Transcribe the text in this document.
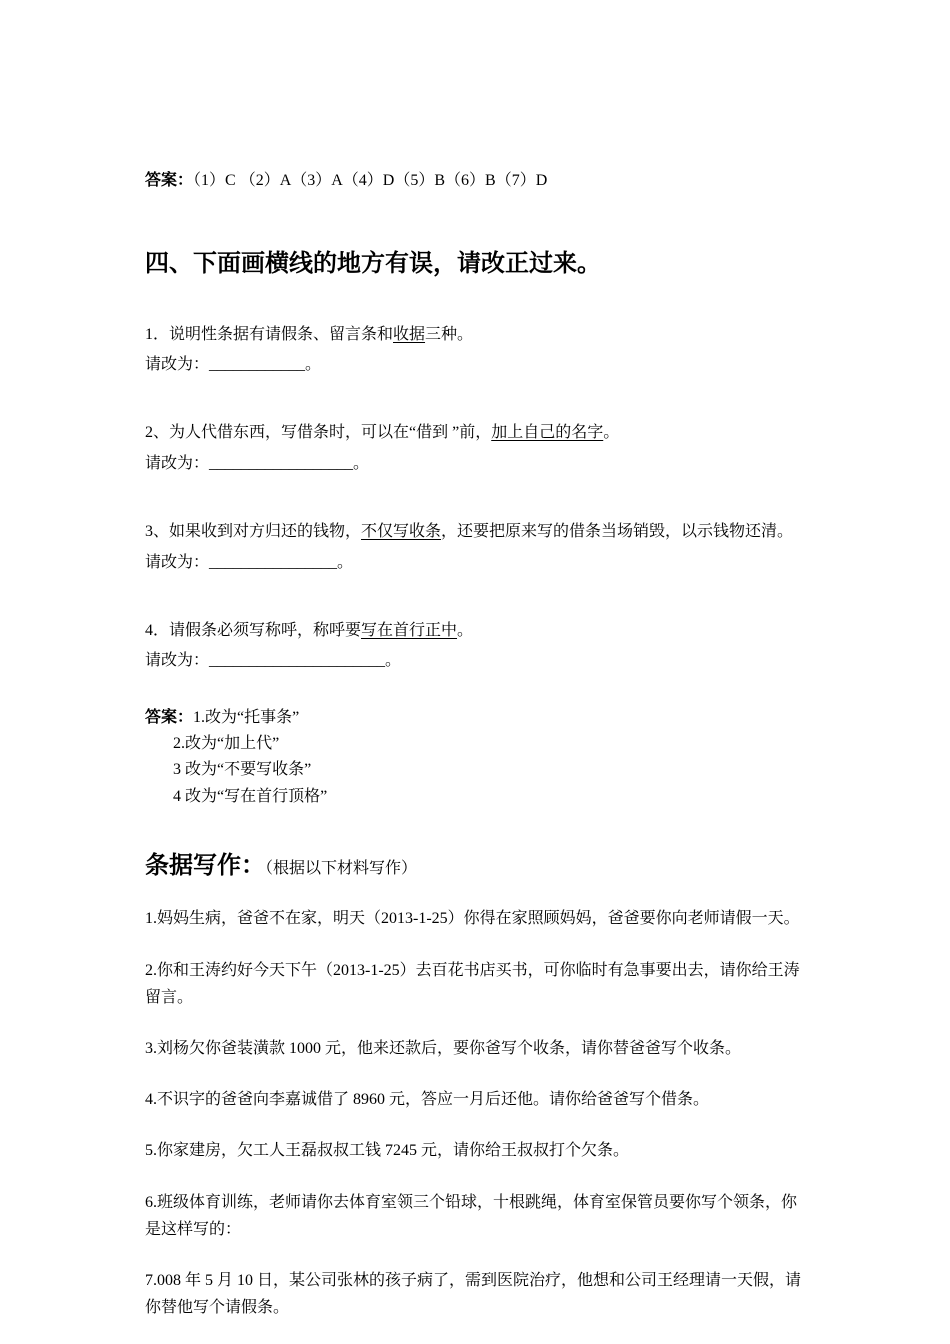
答案：（1）C （2）A（3）A（4）D（5）B（6）B（7）D

四、下面画横线的地方有误，请改正过来。

1．说明性条据有请假条、留言条和收据三种。

请改为：____________。

2、为人代借东西，写借条时，可以在“借到 ”前，加上自己的名字。

请改为：__________________。

3、如果收到对方归还的钱物，不仅写收条，还要把原来写的借条当场销毁，以示钱物还清。

请改为：________________。

4．请假条必须写称呼，称呼要写在首行正中。

请改为：______________________。

答案：1.改为“托事条”

2.改为“加上代”

3 改为“不要写收条”

4 改为“写在首行顶格”

条据写作：（根据以下材料写作）

1.妈妈生病，爸爸不在家，明天（2013-1-25）你得在家照顾妈妈，爸爸要你向老师请假一天。

2.你和王涛约好今天下午（2013-1-25）去百花书店买书，可你临时有急事要出去，请你给王涛留言。

3.刘杨欠你爸装潢款 1000 元，他来还款后，要你爸写个收条，请你替爸爸写个收条。

4.不识字的爸爸向李嘉诚借了 8960 元，答应一月后还他。请你给爸爸写个借条。

5.你家建房，欠工人王磊叔叔工钱 7245 元，请你给王叔叔打个欠条。

6.班级体育训练，老师请你去体育室领三个铅球，十根跳绳，体育室保管员要你写个领条，你是这样写的：

7.008 年 5 月 10 日，某公司张林的孩子病了，需到医院治疗，他想和公司王经理请一天假，请你替他写个请假条。
